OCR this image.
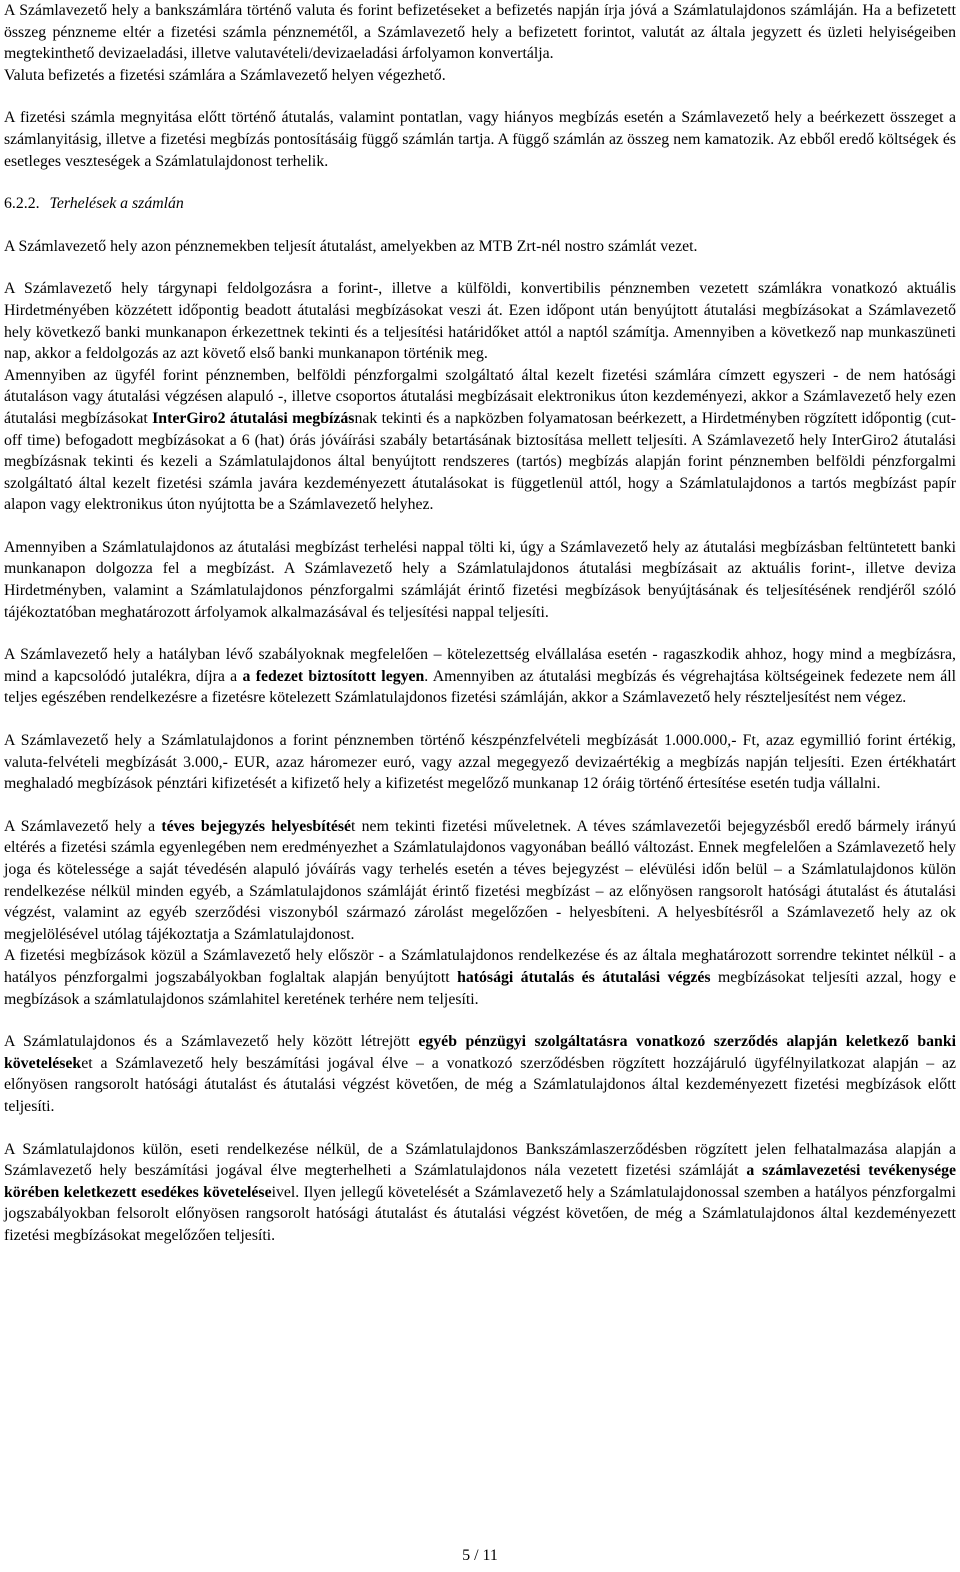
A Számlavezető hely a bankszámlára történő valuta és forint befizetéseket a befizetés napján írja jóvá a Számlatulajdonos számláján. Ha a befizetett összeg pénzneme eltér a fizetési számla pénznemétől, a Számlavezető hely a befizetett forintot, valutát az általa jegyzett és üzleti helyiségeiben megtekinthető devizaeladási, illetve valutavételi/devizaeladási árfolyamon konvertálja.

Valuta befizetés a fizetési számlára a Számlavezető helyen végezhető.

A fizetési számla megnyitása előtt történő átutalás, valamint pontatlan, vagy hiányos megbízás esetén a Számlavezető hely a beérkezett összeget a számlanyitásig, illetve a fizetési megbízás pontosításáig függő számlán tartja. A függő számlán az összeg nem kamatozik. Az ebből eredő költségek és esetleges veszteségek a Számlatulajdonost terhelik.

6.2.2. Terhelések a számlán

A Számlavezető hely azon pénznemekben teljesít átutalást, amelyekben az MTB Zrt-nél nostro számlát vezet.

A Számlavezető hely tárgynapi feldolgozásra a forint-, illetve a külföldi, konvertibilis pénznemben vezetett számlákra vonatkozó aktuális Hirdetményében közzétett időpontig beadott átutalási megbízásokat veszi át. Ezen időpont után benyújtott átutalási megbízásokat a Számlavezető hely következő banki munkanapon érkezettnek tekinti és a teljesítési határidőket attól a naptól számítja. Amennyiben a következő nap munkaszüneti nap, akkor a feldolgozás az azt követő első banki munkanapon történik meg.

Amennyiben az ügyfél forint pénznemben, belföldi pénzforgalmi szolgáltató által kezelt fizetési számlára címzett egyszeri - de nem hatósági átutaláson vagy átutalási végzésen alapuló -, illetve csoportos átutalási megbízásait elektronikus úton kezdeményezi, akkor a Számlavezető hely ezen átutalási megbízásokat InterGiro2 átutalási megbízásnak tekinti és a napközben folyamatosan beérkezett, a Hirdetményben rögzített időpontig (cut-off time) befogadott megbízásokat a 6 (hat) órás jóváírási szabály betartásának biztosítása mellett teljesíti. A Számlavezető hely InterGiro2 átutalási megbízásnak tekinti és kezeli a Számlatulajdonos által benyújtott rendszeres (tartós) megbízás alapján forint pénznemben belföldi pénzforgalmi szolgáltató által kezelt fizetési számla javára kezdeményezett átutalásokat is függetlenül attól, hogy a Számlatulajdonos a tartós megbízást papír alapon vagy elektronikus úton nyújtotta be a Számlavezető helyhez.

Amennyiben a Számlatulajdonos az átutalási megbízást terhelési nappal tölti ki, úgy a Számlavezető hely az átutalási megbízásban feltüntetett banki munkanapon dolgozza fel a megbízást. A Számlavezető hely a Számlatulajdonos átutalási megbízásait az aktuális forint-, illetve deviza Hirdetményben, valamint a Számlatulajdonos pénzforgalmi számláját érintő fizetési megbízások benyújtásának és teljesítésének rendjéről szóló tájékoztatóban meghatározott árfolyamok alkalmazásával és teljesítési nappal teljesíti.

A Számlavezető hely a hatályban lévő szabályoknak megfelelően – kötelezettség elvállalása esetén - ragaszkodik ahhoz, hogy mind a megbízásra, mind a kapcsolódó jutalékra, díjra a a fedezet biztosított legyen. Amennyiben az átutalási megbízás és végrehajtása költségeinek fedezete nem áll teljes egészében rendelkezésre a fizetésre kötelezett Számlatulajdonos fizetési számláján, akkor a Számlavezető hely részteljesítést nem végez.

A Számlavezető hely a Számlatulajdonos a forint pénznemben történő készpénzfelvételi megbízását 1.000.000,- Ft, azaz egymillió forint értékig, valuta-felvételi megbízását 3.000,- EUR, azaz háromezer euró, vagy azzal megegyező devizaértékig a megbízás napján teljesíti. Ezen értékhatárt meghaladó megbízások pénztári kifizetését a kifizető hely a kifizetést megelőző munkanap 12 óráig történő értesítése esetén tudja vállalni.

A Számlavezető hely a téves bejegyzés helyesbítését nem tekinti fizetési műveletnek. A téves számlavezetői bejegyzésből eredő bármely irányú eltérés a fizetési számla egyenlegében nem eredményezhet a Számlatulajdonos vagyonában beálló változást. Ennek megfelelően a Számlavezető hely joga és kötelessége a saját tévedésén alapuló jóváírás vagy terhelés esetén a téves bejegyzést – elévülési időn belül – a Számlatulajdonos külön rendelkezése nélkül minden egyéb, a Számlatulajdonos számláját érintő fizetési megbízást – az előnyösen rangsorolt hatósági átutalást és átutalási végzést, valamint az egyéb szerződési viszonyból származó zárolást megelőzően - helyesbíteni. A helyesbítésről a Számlavezető hely az ok megjelölésével utólag tájékoztatja a Számlatulajdonost.

A fizetési megbízások közül a Számlavezető hely először - a Számlatulajdonos rendelkezése és az általa meghatározott sorrendre tekintet nélkül - a hatályos pénzforgalmi jogszabályokban foglaltak alapján benyújtott hatósági átutalás és átutalási végzés megbízásokat teljesíti azzal, hogy e megbízások a számlatulajdonos számlahitel keretének terhére nem teljesíti.

A Számlatulajdonos és a Számlavezető hely között létrejött egyéb pénzügyi szolgáltatásra vonatkozó szerződés alapján keletkező banki követeléseket a Számlavezető hely beszámítási jogával élve – a vonatkozó szerződésben rögzített hozzájáruló ügyfélnyilatkozat alapján – az előnyösen rangsorolt hatósági átutalást és átutalási végzést követően, de még a Számlatulajdonos által kezdeményezett fizetési megbízások előtt teljesíti.

A Számlatulajdonos külön, eseti rendelkezése nélkül, de a Számlatulajdonos Bankszámlaszerződésben rögzített jelen felhatalmazása alapján a Számlavezető hely beszámítási jogával élve megterhelheti a Számlatulajdonos nála vezetett fizetési számláját a számlavezetési tevékenysége körében keletkezett esedékes követeléseivel. Ilyen jellegű követelését a Számlavezető hely a Számlatulajdonossal szemben a hatályos pénzforgalmi jogszabályokban felsorolt előnyösen rangsorolt hatósági átutalást és átutalási végzést követően, de még a Számlatulajdonos által kezdeményezett fizetési megbízásokat megelőzően teljesíti.

5 / 11
